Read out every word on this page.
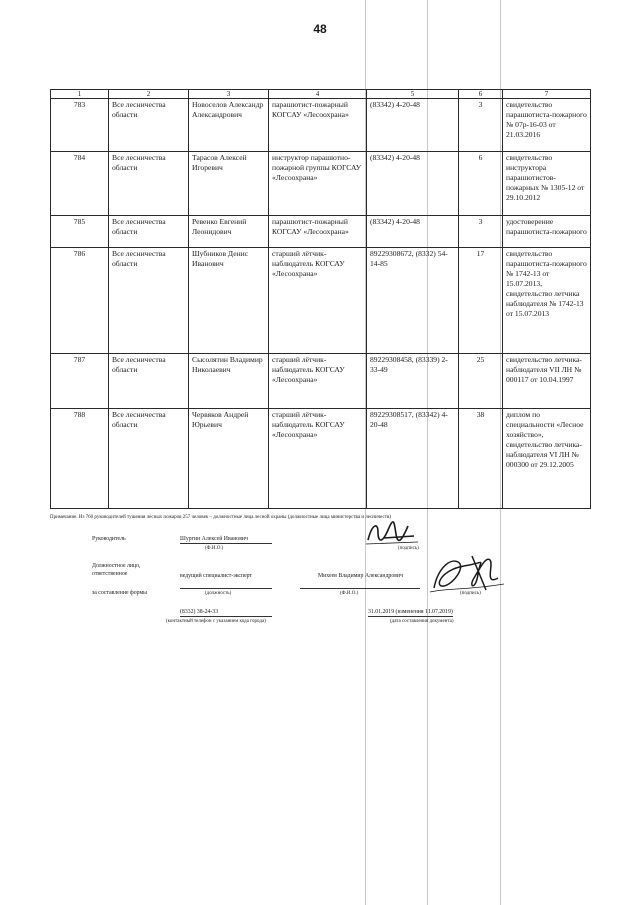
48
1	2	3	4	5	6	7
783	Все лесничества области	Новоселов Александр Александрович	парашютист-пожарный КОГСАУ «Лесоохрана»	(83342) 4-20-48	3	свидетельство парашютиста-пожарного № 07р-16-03 от 21.03.2016
784	Все лесничества области	Тарасов Алексей Игоревич	инструктор парашютно-пожарной группы КОГСАУ «Лесоохрана»	(83342) 4-20-48	6	свидетельство инструктора парашютистов-пожарных № 1305-12 от 29.10.2012
785	Все лесничества области	Ревенко Евгений Леонидович	парашютист-пожарный КОГСАУ «Лесоохрана»	(83342) 4-20-48	3	удостоверение парашютиста-пожарного
786	Все лесничества области	Шубников Денис Иванович	старший лётчик-наблюдатель КОГСАУ «Лесоохрана»	89229308672, (8332) 54-14-85	17	свидетельство парашютиста-пожарного № 1742-13 от 15.07.2013, свидетельство летчика наблюдателя № 1742-13 от 15.07.2013
787	Все лесничества области	Сысолятин Владимир Николаевич	старший лётчик-наблюдатель КОГСАУ «Лесоохрана»	89229308458, (83339) 2-33-49	25	свидетельство летчика-наблюдателя VII ЛН № 000117 от 10.04.1997
788	Все лесничества области	Червяков Андрей Юрьевич	старший лётчик-наблюдатель КОГСАУ «Лесоохрана»	89229308517, (83342) 4-20-48	38	диплом по специальности «Лесное хозяйство», свидетельство летчика-наблюдателя VI ЛН № 000300 от 29.12.2005
Примечание. Из 760 руководителей тушения лесных пожаров 257 человек – должностные лица лесной охраны (должностные лица министерства и лесничеств)
Руководитель	Шургин Алексей Иванович
(Ф.И.О.)	(подпись)
Должностное лицо,
ответственное	ведущий специалист-эксперт	Михеев Владимир Александрович
за составление формы	(должность)	(Ф.И.О.)	(подпись)
(8332) 38-24-33	31.01.2019 (изменения 11.07.2019)
(контактный телефон с указанием кода города)	(дата составления документа)
